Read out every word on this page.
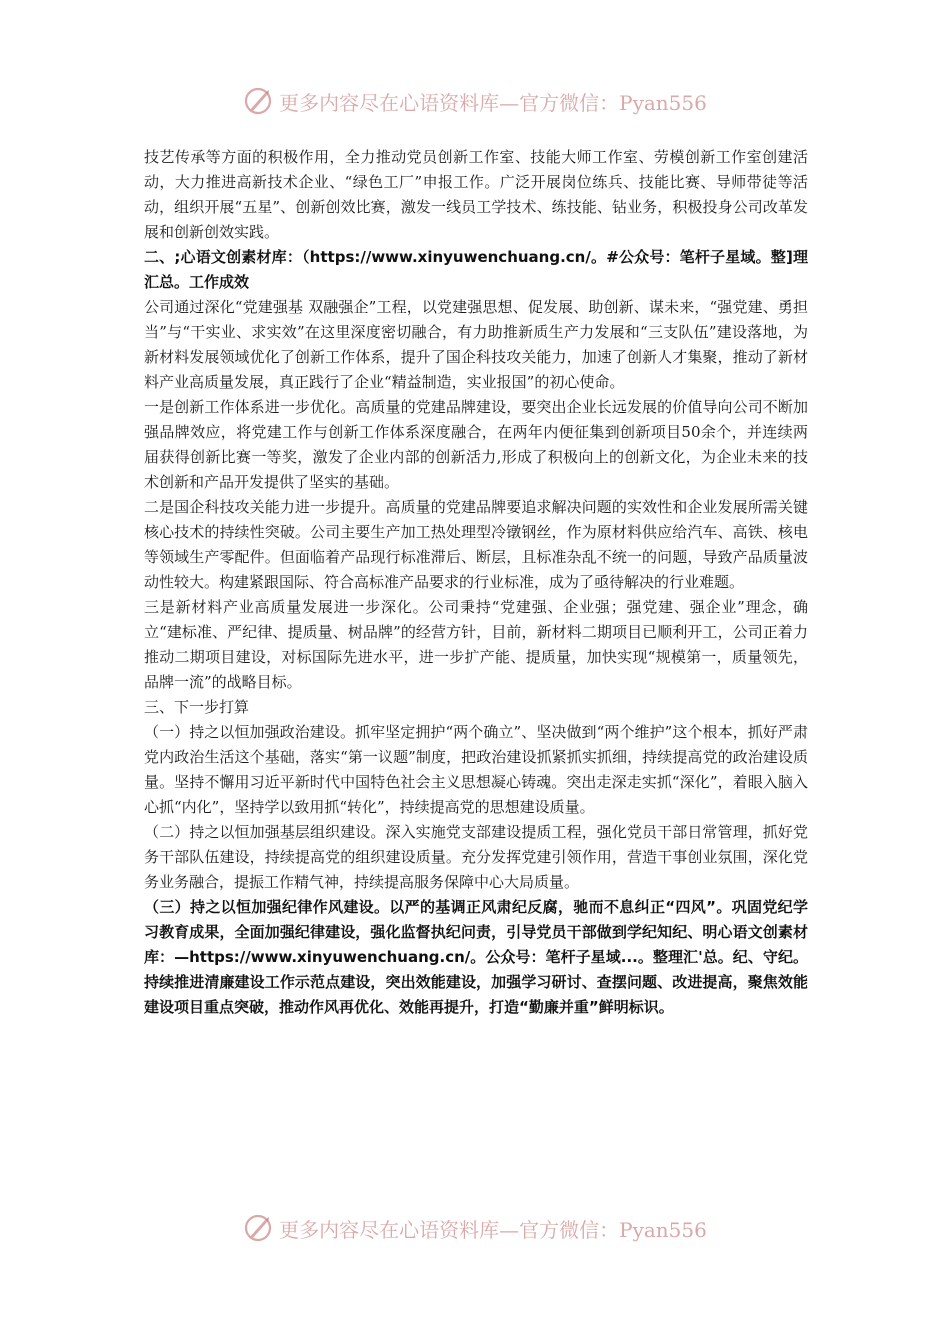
更多内容尽在心语资料库—官方微信：Pyan556

技艺传承等方面的积极作用，全力推动党员创新工作室、技能大师工作室、劳模创新工作室创建活动，大力推进高新技术企业、“绿色工厂”申报工作。广泛开展岗位练兵、技能比赛、导师带徒等活动，组织开展“五星”、创新创效比赛，激发一线员工学技术、练技能、钻业务，积极投身公司改革发展和创新创效实践。

二、;心语文创素材库：（https://www.xinyuwenchuang.cn/。#公众号：笔杆子星域。整]理汇总。工作成效

公司通过深化“党建强基 双融强企”工程，以党建强思想、促发展、助创新、谋未来，“强党建、勇担当”与“干实业、求实效”在这里深度密切融合，有力助推新质生产力发展和“三支队伍”建设落地，为新材料发展领域优化了创新工作体系，提升了国企科技攻关能力，加速了创新人才集聚，推动了新材料产业高质量发展，真正践行了企业“精益制造，实业报国”的初心使命。

一是创新工作体系进一步优化。高质量的党建品牌建设，要突出企业长远发展的价值导向公司不断加强品牌效应，将党建工作与创新工作体系深度融合，在两年内便征集到创新项目50余个，并连续两届获得创新比赛一等奖，激发了企业内部的创新活力,形成了积极向上的创新文化，为企业未来的技术创新和产品开发提供了坚实的基础。

二是国企科技攻关能力进一步提升。高质量的党建品牌要追求解决问题的实效性和企业发展所需关键核心技术的持续性突破。公司主要生产加工热处理型冷镦钢丝，作为原材料供应给汽车、高铁、核电等领域生产零配件。但面临着产品现行标准滞后、断层，且标准杂乱不统一的问题，导致产品质量波动性较大。构建紧跟国际、符合高标准产品要求的行业标准，成为了亟待解决的行业难题。

三是新材料产业高质量发展进一步深化。公司秉持“党建强、企业强；强党建、强企业”理念，确立“建标准、严纪律、提质量、树品牌”的经营方针，目前，新材料二期项目已顺利开工，公司正着力推动二期项目建设，对标国际先进水平，进一步扩产能、提质量，加快实现“规模第一，质量领先，品牌一流”的战略目标。

三、下一步打算

（一）持之以恒加强政治建设。抓牢坚定拥护“两个确立”、坚决做到“两个维护”这个根本，抓好严肃党内政治生活这个基础，落实“第一议题”制度，把政治建设抓紧抓实抓细，持续提高党的政治建设质量。坚持不懈用习近平新时代中国特色社会主义思想凝心铸魂。突出走深走实抓“深化”，着眼入脑入心抓“内化”，坚持学以致用抓“转化”，持续提高党的思想建设质量。

（二）持之以恒加强基层组织建设。深入实施党支部建设提质工程，强化党员干部日常管理，抓好党务干部队伍建设，持续提高党的组织建设质量。充分发挥党建引领作用，营造干事创业氛围，深化党务业务融合，提振工作精气神，持续提高服务保障中心大局质量。

（三）持之以恒加强纪律作风建设。以严的基调正风肃纪反腐，驰而不息纠正“四风”。巩固党纪学习教育成果，全面加强纪律建设，强化监督执纪问责，引导党员干部做到学纪知纪、明心语文创素材库：—https://www.xinyuwenchuang.cn/。公众号：笔杆子星域...。整理汇'总。纪、守纪。持续推进清廉建设工作示范点建设，突出效能建设，加强学习研讨、查摆问题、改进提高，聚焦效能建设项目重点突破，推动作风再优化、效能再提升，打造“勤廉并重”鲜明标识。

更多内容尽在心语资料库—官方微信：Pyan556
